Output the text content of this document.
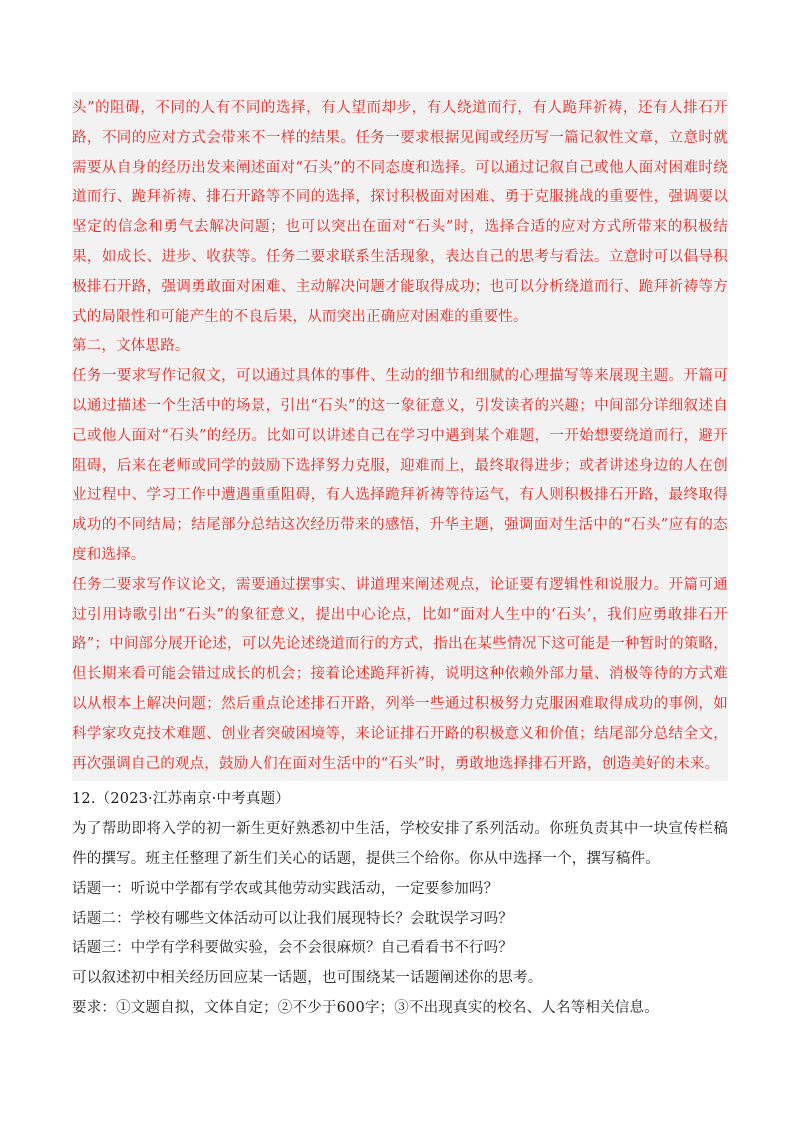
头”的阻碍，不同的人有不同的选择，有人望而却步，有人绕道而行，有人跪拜祈祷，还有人排石开路，不同的应对方式会带来不一样的结果。任务一要求根据见闻或经历写一篇记叙性文章，立意时就需要从自身的经历出发来阐述面对“石头”的不同态度和选择。可以通过记叙自己或他人面对困难时绕道而行、跪拜祈祷、排石开路等不同的选择，探讨积极面对困难、勇于克服挑战的重要性，强调要以坚定的信念和勇气去解决问题；也可以突出在面对“石头”时，选择合适的应对方式所带来的积极结果，如成长、进步、收获等。任务二要求联系生活现象，表达自己的思考与看法。立意时可以倡导积极排石开路，强调勇敢面对困难、主动解决问题才能取得成功；也可以分析绕道而行、跪拜祈祷等方式的局限性和可能产生的不良后果，从而突出正确应对困难的重要性。

第二，文体思路。

任务一要求写作记叙文，可以通过具体的事件、生动的细节和细腻的心理描写等来展现主题。开篇可以通过描述一个生活中的场景，引出“石头”的这一象征意义，引发读者的兴趣；中间部分详细叙述自己或他人面对“石头”的经历。比如可以讲述自己在学习中遇到某个难题，一开始想要绕道而行，避开阻碍，后来在老师或同学的鼓励下选择努力克服，迎难而上，最终取得进步；或者讲述身边的人在创业过程中、学习工作中遭遇重重阻碍，有人选择跪拜祈祷等待运气，有人则积极排石开路，最终取得成功的不同结局；结尾部分总结这次经历带来的感悟，升华主题，强调面对生活中的“石头”应有的态度和选择。

任务二要求写作议论文，需要通过摆事实、讲道理来阐述观点，论证要有逻辑性和说服力。开篇可通过引用诗歌引出“石头”的象征意义，提出中心论点，比如“面对人生中的‘石头’，我们应勇敢排石开路”；中间部分展开论述，可以先论述绕道而行的方式，指出在某些情况下这可能是一种暂时的策略，但长期来看可能会错过成长的机会；接着论述跪拜祈祷，说明这种依赖外部力量、消极等待的方式难以从根本上解决问题；然后重点论述排石开路，列举一些通过积极努力克服困难取得成功的事例，如科学家攻克技术难题、创业者突破困境等，来论证排石开路的积极意义和价值；结尾部分总结全文，再次强调自己的观点，鼓励人们在面对生活中的“石头”时，勇敢地选择排石开路，创造美好的未来。

12.（2023·江苏南京·中考真题）

为了帮助即将入学的初一新生更好熟悉初中生活，学校安排了系列活动。你班负责其中一块宣传栏稿件的撰写。班主任整理了新生们关心的话题，提供三个给你。你从中选择一个，撰写稿件。

话题一：听说中学都有学农或其他劳动实践活动，一定要参加吗？

话题二：学校有哪些文体活动可以让我们展现特长？会耽误学习吗？

话题三：中学有学科要做实验，会不会很麻烦？自己看看书不行吗？

可以叙述初中相关经历回应某一话题，也可围绕某一话题阐述你的思考。

要求：①文题自拟，文体自定；②不少于600字；③不出现真实的校名、人名等相关信息。
